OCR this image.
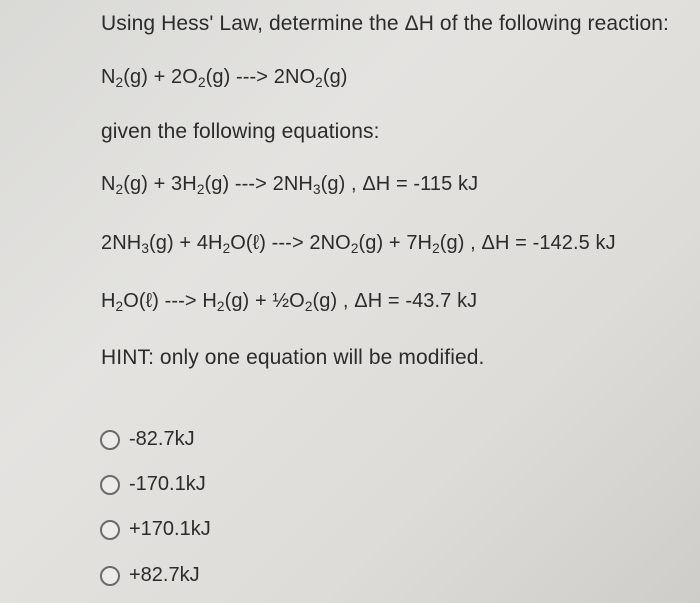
Using Hess' Law, determine the ΔH of the following reaction:
$N_2(g) + 2O_2(g)$ ---> $2NO_2(g)$
given the following equations:
$N_2(g) + 3H_2(g)$ ---> $2NH_3(g)$ , ΔH = -115 kJ
$2NH_3(g)$ + $4H_2O(\ell)$ ---> $2NO_2(g) + 7H_2(g)$ , ΔH = -142.5 kJ
$H_2O(\ell)$ ---> $H_2(g)$ + $\frac{1}{2}O_2(g)$ , ΔH = -43.7 kJ
HINT: only one equation will be modified.
-82.7kJ
-170.1kJ
+170.1kJ
+82.7kJ
